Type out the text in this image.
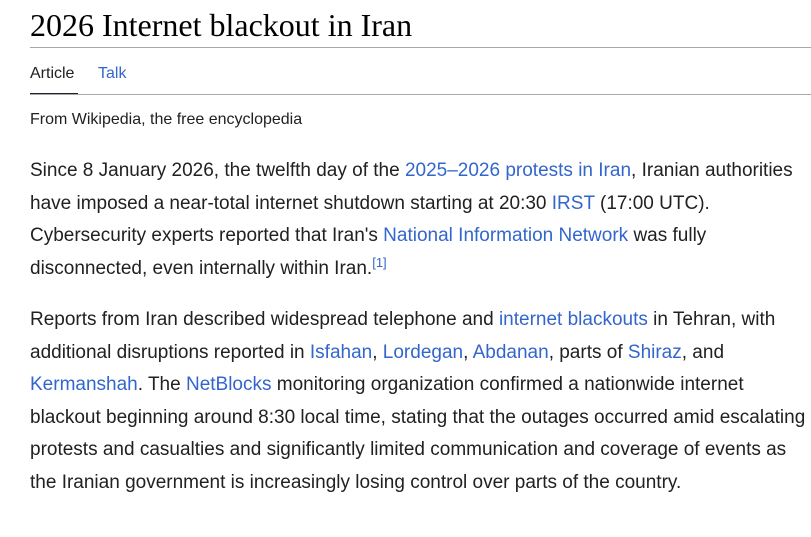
2026 Internet blackout in Iran
Article Talk
From Wikipedia, the free encyclopedia

Since 8 January 2026, the twelfth day of the 2025–2026 protests in Iran, Iranian authorities have imposed a near-total internet shutdown starting at 20:30 IRST (17:00 UTC). Cybersecurity experts reported that Iran's National Information Network was fully disconnected, even internally within Iran.[1]

Reports from Iran described widespread telephone and internet blackouts in Tehran, with additional disruptions reported in Isfahan, Lordegan, Abdanan, parts of Shiraz, and Kermanshah. The NetBlocks monitoring organization confirmed a nationwide internet blackout beginning around 8:30 local time, stating that the outages occurred amid escalating protests and casualties and significantly limited communication and coverage of events as the Iranian government is increasingly losing control over parts of the country.
